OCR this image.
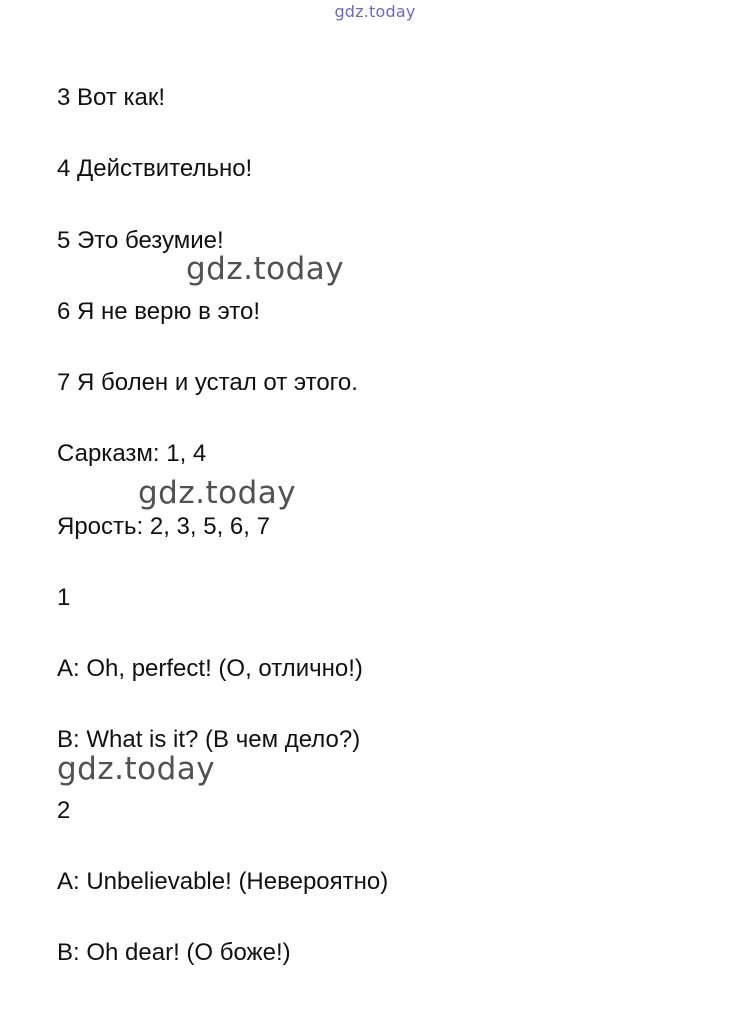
gdz.today
3 Вот как!
4 Действительно!
5 Это безумие!
gdz.today
6 Я не верю в это!
7 Я болен и устал от этого.
Сарказм: 1, 4
gdz.today
Ярость: 2, 3, 5, 6, 7
1
A: Oh, perfect! (О, отлично!)
B: What is it? (В чем дело?)
gdz.today
2
A: Unbelievable! (Невероятно)
B: Oh dear! (О боже!)
